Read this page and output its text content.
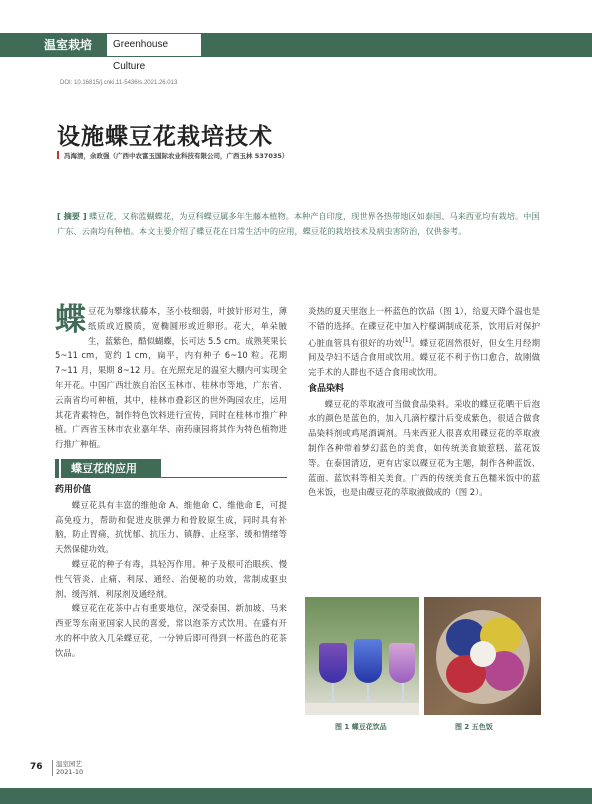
温室栽培	Greenhouse Culture
DOI: 10.16815/j.cnki.11-5436/s.2021.26.013
设施蝶豆花栽培技术
冯海清，余政强（广西中农富玉国际农业科技有限公司，广西玉林 537035）
[ 摘要 ] 蝶豆花，又称蓝蝴蝶花，为豆科蝶豆属多年生藤本植物。本种产自印度，现世界各热带地区如泰国、马来西亚均有栽培。中国广东、云南均有种植。本文主要介绍了蝶豆花在日常生活中的应用，蝶豆花的栽培技术及病虫害防治，仅供参考。

蝶豆花为攀缘状藤本，茎小枝细弱，叶披针形对生，薄纸质或近膜质，宽椭圆形或近卵形。花大，单朵腋生，蓝紫色，酷似蝴蝶，长可达 5.5 cm。成熟荚果长 5~11 cm，宽约 1 cm，扁平，内有种子 6~10 粒。花期 7~11 月，果期 8~12 月。在光照充足的温室大棚内可实现全年开花。中国广西壮族自治区玉林市、桂林市等地，广东省、云南省均可种植，其中，桂林市叠彩区的世外陶园农庄，运用其花青素特色，制作特色饮料进行宣传，同时在桂林市推广种植。广西省玉林市农业嘉年华、南药康园将其作为特色植物进行推广种植。

蝶豆花的应用
药用价值

蝶豆花具有丰富的维他命 A、维他命 C、维他命 E，可提高免疫力，帮助和促进皮肤弹力和骨胶原生成，同时具有补脑，防止胃痛，抗忧郁、抗压力、镇静、止痉挛、缓和情绪等天然保健功效。

蝶豆花的种子有毒，具轻泻作用。种子及根可治眼疾、慢性气管炎、止痛、利尿、通经、治便秘的功效，常制成驱虫剂、缓泻剂、利尿剂及通经剂。

蝶豆花在花茶中占有重要地位，深受泰国、新加坡、马来西亚等东南亚国家人民的喜爱，常以泡茶方式饮用。在盛有开水的杯中放入几朵蝶豆花，一分钟后即可得到一杯蓝色的花茶饮品。

炎热的夏天里泡上一杯蓝色的饮品（图 1），给夏天降个温也是不错的选择。在碟豆花中加入柠檬调制成花茶，饮用后对保护心脏血管具有很好的功效[1]。蝶豆花固然很好，但女生月经期间及孕妇不适合食用或饮用。蝶豆花不利于伤口愈合，故刚做完手术的人群也不适合食用或饮用。

食品染料

蝶豆花的萃取液可当做食品染料。采收的蝶豆花晒干后泡水的颜色是蓝色的，加入几滴柠檬汁后变成紫色，很适合做食品染料剂或鸡尾酒调剂。马来西亚人很喜欢用碟豆花的萃取液制作各种带着梦幻蓝色的美食，如传统美食娘惹糕、蓝花饭等。在泰国清迈，更有店家以碟豆花为主题，制作各种蓝饭、蓝面、蓝饮料等相关美食。广西的传统美食五色糯米饭中的蓝色米饭，也是由碟豆花的萃取液做成的（图 2）。

图 1 蝶豆花饮品	图 2 五色饭
76 温室园艺
2021-10
